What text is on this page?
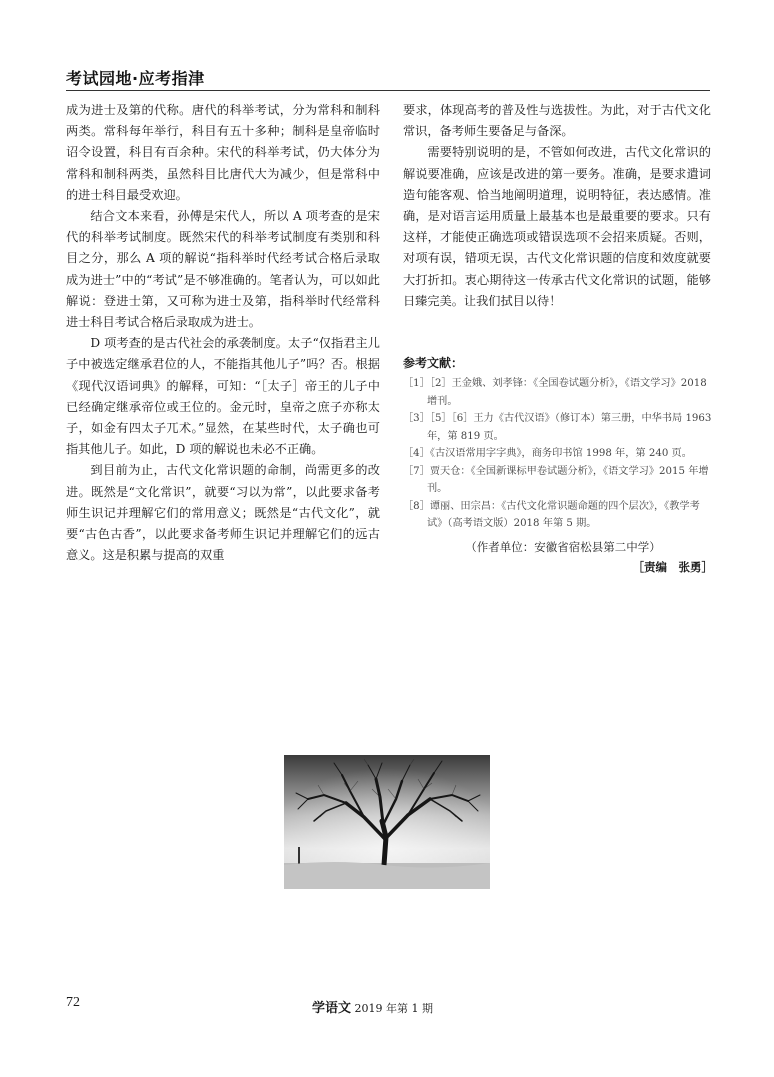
考试园地·应考指津

成为进士及第的代称。唐代的科举考试，分为常科和制科两类。常科每年举行，科目有五十多种；制科是皇帝临时诏令设置，科目有百余种。宋代的科举考试，仍大体分为常科和制科两类，虽然科目比唐代大为减少，但是常科中的进士科目最受欢迎。

结合文本来看，孙傅是宋代人，所以 A 项考查的是宋代的科举考试制度。既然宋代的科举考试制度有类别和科目之分，那么 A 项的解说“指科举时代经考试合格后录取成为进士”中的“考试”是不够准确的。笔者认为，可以如此解说：登进士第，又可称为进士及第，指科举时代经常科进士科目考试合格后录取成为进士。

D 项考查的是古代社会的承袭制度。太子“仅指君主儿子中被选定继承君位的人，不能指其他儿子”吗？否。根据《现代汉语词典》的解释，可知：“［太子］帝王的儿子中已经确定继承帝位或王位的。金元时，皇帝之庶子亦称太子，如金有四太子兀术。”显然，在某些时代，太子确也可指其他儿子。如此，D 项的解说也未必不正确。

到目前为止，古代文化常识题的命制，尚需更多的改进。既然是“文化常识”，就要“习以为常”，以此要求备考师生识记并理解它们的常用意义；既然是“古代文化”，就要“古色古香”，以此要求备考师生识记并理解它们的远古意义。这是积累与提高的双重

要求，体现高考的普及性与选拔性。为此，对于古代文化常识，备考师生要备足与备深。

需要特别说明的是，不管如何改进，古代文化常识的解说要准确，应该是改进的第一要务。准确，是要求遣词造句能客观、恰当地阐明道理，说明特征，表达感情。准确，是对语言运用质量上最基本也是最重要的要求。只有这样，才能使正确选项或错误选项不会招来质疑。否则，对项有误，错项无误，古代文化常识题的信度和效度就要大打折扣。衷心期待这一传承古代文化常识的试题，能够日臻完美。让我们拭目以待！

参考文献：
［1］［2］王金娥、刘孝锋：《全国卷试题分析》，《语文学习》2018 增刊。
［3］［5］［6］王力《古代汉语》（修订本）第三册，中华书局 1963 年，第 819 页。
［4］《古汉语常用字字典》，商务印书馆 1998 年，第 240 页。
［7］贾天仓：《全国新课标甲卷试题分析》，《语文学习》2015 年增刊。
［8］谭丽、田宗昌：《古代文化常识题命题的四个层次》，《教学考试》（高考语文版）2018 年第 5 期。
（作者单位：安徽省宿松县第二中学）
［责编　张勇］
72	学语文 2019 年第 1 期
